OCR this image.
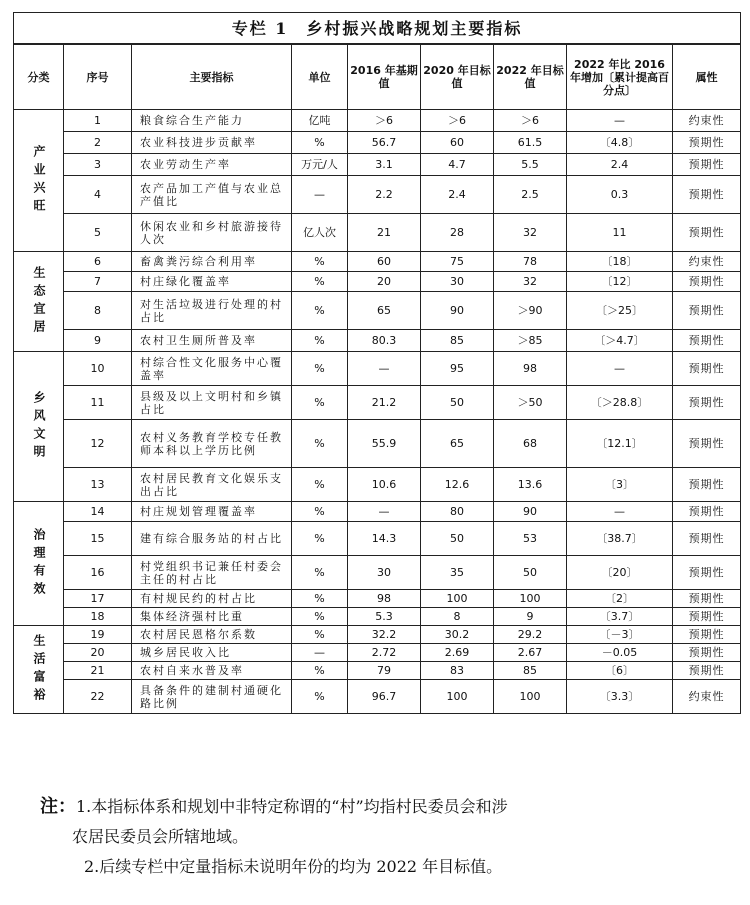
专栏 1　乡村振兴战略规划主要指标								
分类	序号	主要指标	单位	2016 年基期值	2020 年目标值	2022 年目标值	2022 年比 2016 年增加〔累计提高百分点〕	属性
产业兴旺	1	粮食综合生产能力	亿吨	＞6	＞6	＞6	—	约束性
	2	农业科技进步贡献率	%	56.7	60	61.5	〔4.8〕	预期性
	3	农业劳动生产率	万元/人	3.1	4.7	5.5	2.4	预期性
	4	农产品加工产值与农业总产值比	—	2.2	2.4	2.5	0.3	预期性
	5	休闲农业和乡村旅游接待人次	亿人次	21	28	32	11	预期性
生态宜居	6	畜禽粪污综合利用率	%	60	75	78	〔18〕	约束性
	7	村庄绿化覆盖率	%	20	30	32	〔12〕	预期性
	8	对生活垃圾进行处理的村占比	%	65	90	＞90	〔＞25〕	预期性
	9	农村卫生厕所普及率	%	80.3	85	＞85	〔＞4.7〕	预期性
乡风文明	10	村综合性文化服务中心覆盖率	%	—	95	98	—	预期性
	11	县级及以上文明村和乡镇占比	%	21.2	50	＞50	〔＞28.8〕	预期性
	12	农村义务教育学校专任教师本科以上学历比例	%	55.9	65	68	〔12.1〕	预期性
	13	农村居民教育文化娱乐支出占比	%	10.6	12.6	13.6	〔3〕	预期性
治理有效	14	村庄规划管理覆盖率	%	—	80	90	—	预期性
	15	建有综合服务站的村占比	%	14.3	50	53	〔38.7〕	预期性
	16	村党组织书记兼任村委会主任的村占比	%	30	35	50	〔20〕	预期性
	17	有村规民约的村占比	%	98	100	100	〔2〕	预期性
	18	集体经济强村比重	%	5.3	8	9	〔3.7〕	预期性
生活富裕	19	农村居民恩格尔系数	%	32.2	30.2	29.2	〔－3〕	预期性
	20	城乡居民收入比	—	2.72	2.69	2.67	－0.05	预期性
	21	农村自来水普及率	%	79	83	85	〔6〕	预期性
	22	具备条件的建制村通硬化路比例	%	96.7	100	100	〔3.3〕	约束性
注：1.本指标体系和规划中非特定称谓的“村”均指村民委员会和涉
农居民委员会所辖地域。
2.后续专栏中定量指标未说明年份的均为 2022 年目标值。
